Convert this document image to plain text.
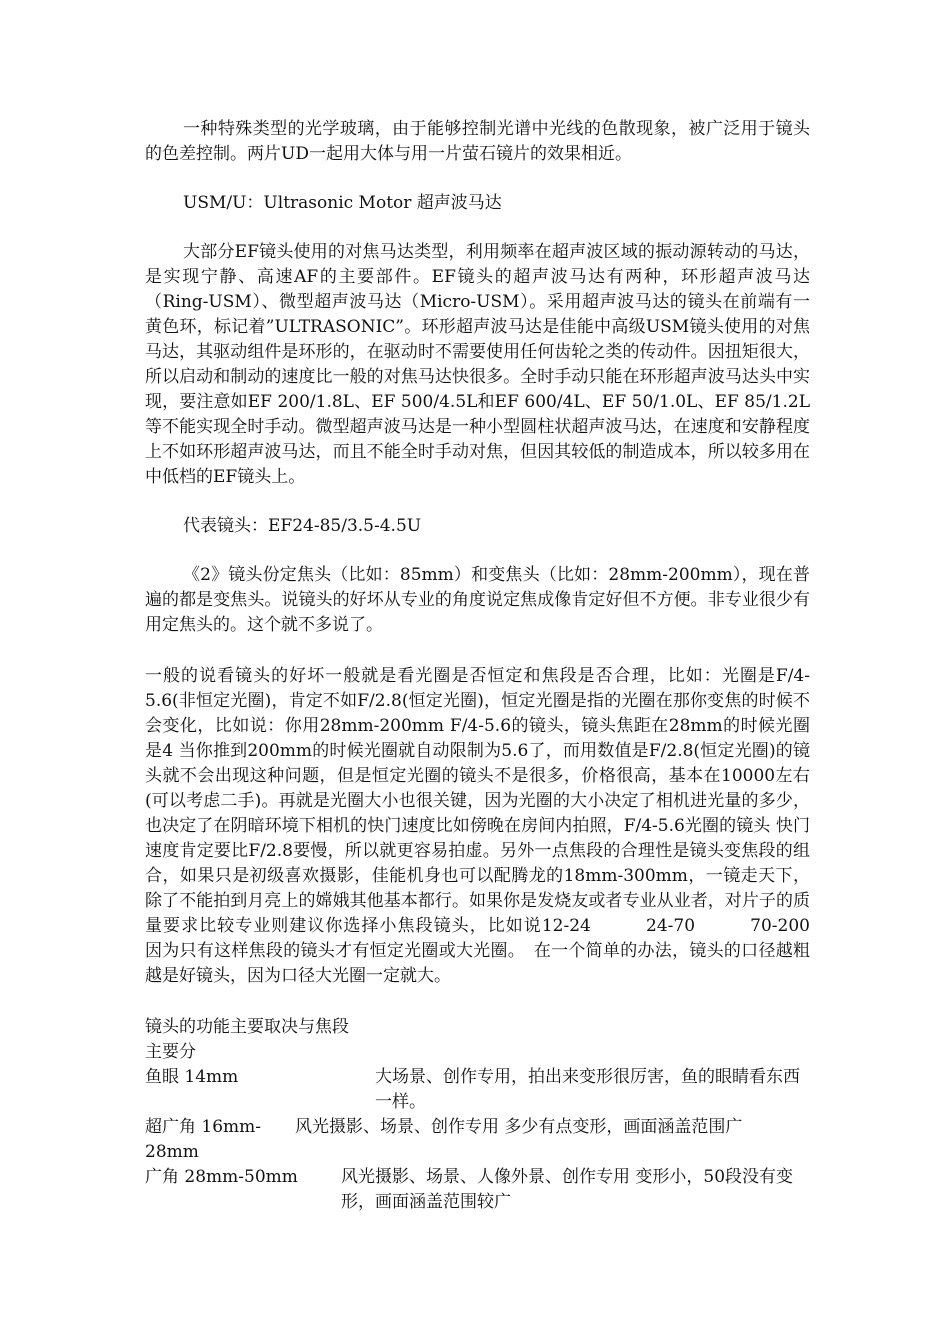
一种特殊类型的光学玻璃，由于能够控制光谱中光线的色散现象，被广泛用于镜头的色差控制。两片UD一起用大体与用一片萤石镜片的效果相近。

USM/U：Ultrasonic Motor 超声波马达

大部分EF镜头使用的对焦马达类型，利用频率在超声波区域的振动源转动的马达，是实现宁静、高速AF的主要部件。EF镜头的超声波马达有两种，环形超声波马达（Ring-USM）、微型超声波马达（Micro-USM）。采用超声波马达的镜头在前端有一黄色环，标记着”ULTRASONIC”。环形超声波马达是佳能中高级USM镜头使用的对焦马达，其驱动组件是环形的，在驱动时不需要使用任何齿轮之类的传动件。因扭矩很大，所以启动和制动的速度比一般的对焦马达快很多。全时手动只能在环形超声波马达头中实现，要注意如EF 200/1.8L、EF 500/4.5L和EF 600/4L、EF 50/1.0L、EF 85/1.2L等不能实现全时手动。微型超声波马达是一种小型圆柱状超声波马达，在速度和安静程度上不如环形超声波马达，而且不能全时手动对焦，但因其较低的制造成本，所以较多用在中低档的EF镜头上。

代表镜头：EF24-85/3.5-4.5U

《2》镜头份定焦头（比如：85mm）和变焦头（比如：28mm-200mm），现在普遍的都是变焦头。说镜头的好坏从专业的角度说定焦成像肯定好但不方便。非专业很少有用定焦头的。这个就不多说了。

一般的说看镜头的好坏一般就是看光圈是否恒定和焦段是否合理，比如：光圈是F/4-5.6(非恒定光圈)，肯定不如F/2.8(恒定光圈)，恒定光圈是指的光圈在那你变焦的时候不会变化，比如说：你用28mm-200mm F/4-5.6的镜头，镜头焦距在28mm的时候光圈是4 当你推到200mm的时候光圈就自动限制为5.6了，而用数值是F/2.8(恒定光圈)的镜头就不会出现这种问题，但是恒定光圈的镜头不是很多，价格很高，基本在10000左右(可以考虑二手)。再就是光圈大小也很关键，因为光圈的大小决定了相机进光量的多少，也决定了在阴暗环境下相机的快门速度比如傍晚在房间内拍照，F/4-5.6光圈的镜头 快门速度肯定要比F/2.8要慢，所以就更容易拍虚。另外一点焦段的合理性是镜头变焦段的组合，如果只是初级喜欢摄影，佳能机身也可以配腾龙的18mm-300mm，一镜走天下，除了不能拍到月亮上的嫦娥其他基本都行。如果你是发烧友或者专业从业者，对片子的质量要求比较专业则建议你选择小焦段镜头，比如说12-24　　　24-70　　　70-200　　　因为只有这样焦段的镜头才有恒定光圈或大光圈。　在一个简单的办法，镜头的口径越粗越是好镜头，因为口径大光圈一定就大。

镜头的功能主要取决与焦段
主要分
鱼眼 14mm	大场景、创作专用，拍出来变形很厉害，鱼的眼睛看东西一样。
超广角 16mm-28mm
风光摄影、场景、创作专用 多少有点变形，画面涵盖范围广
广角 28mm-50mm	风光摄影、场景、人像外景、创作专用 变形小，50段没有变形，画面涵盖范围较广
